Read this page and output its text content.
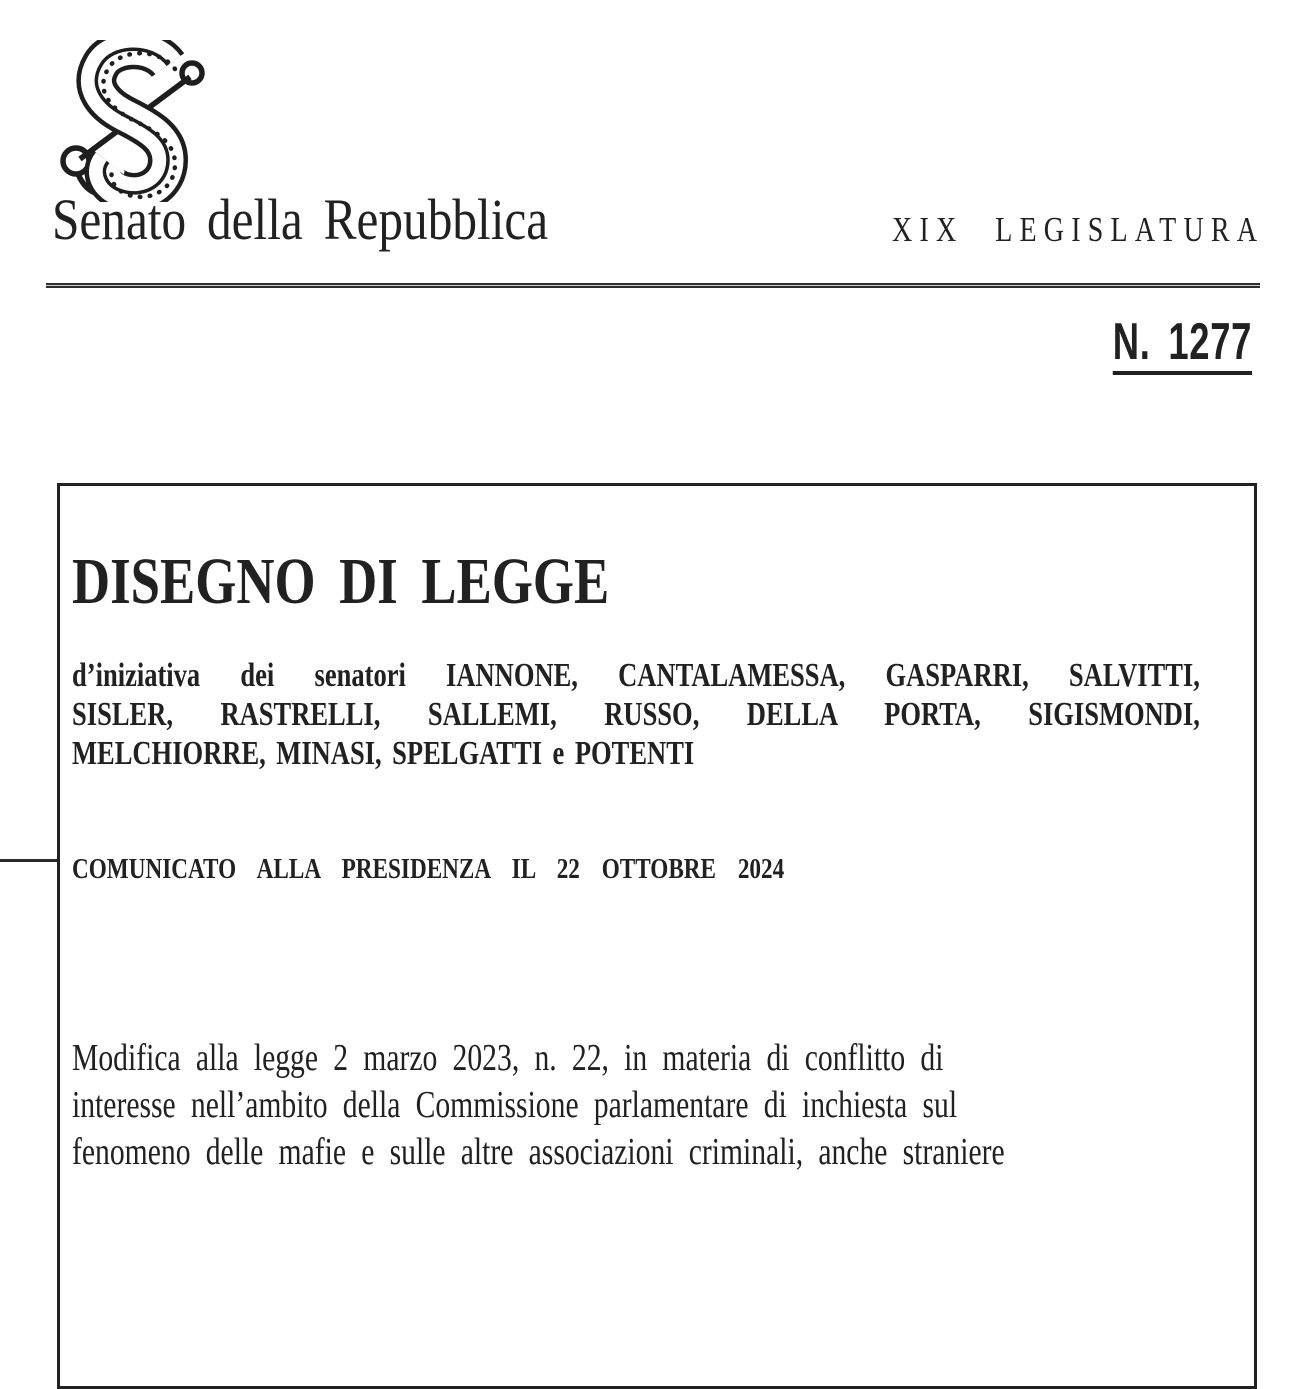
Senato della Repubblica	XIX LEGISLATURA
N. 1277
DISEGNO DI LEGGE
d’iniziativa dei senatori IANNONE, CANTALAMESSA, GASPARRI, SALVITTI,
SISLER, RASTRELLI, SALLEMI, RUSSO, DELLA PORTA, SIGISMONDI,
MELCHIORRE, MINASI, SPELGATTI e POTENTI
COMUNICATO ALLA PRESIDENZA IL 22 OTTOBRE 2024
Modifica alla legge 2 marzo 2023, n. 22, in materia di conflitto di
interesse nell’ambito della Commissione parlamentare di inchiesta sul
fenomeno delle mafie e sulle altre associazioni criminali, anche straniere
